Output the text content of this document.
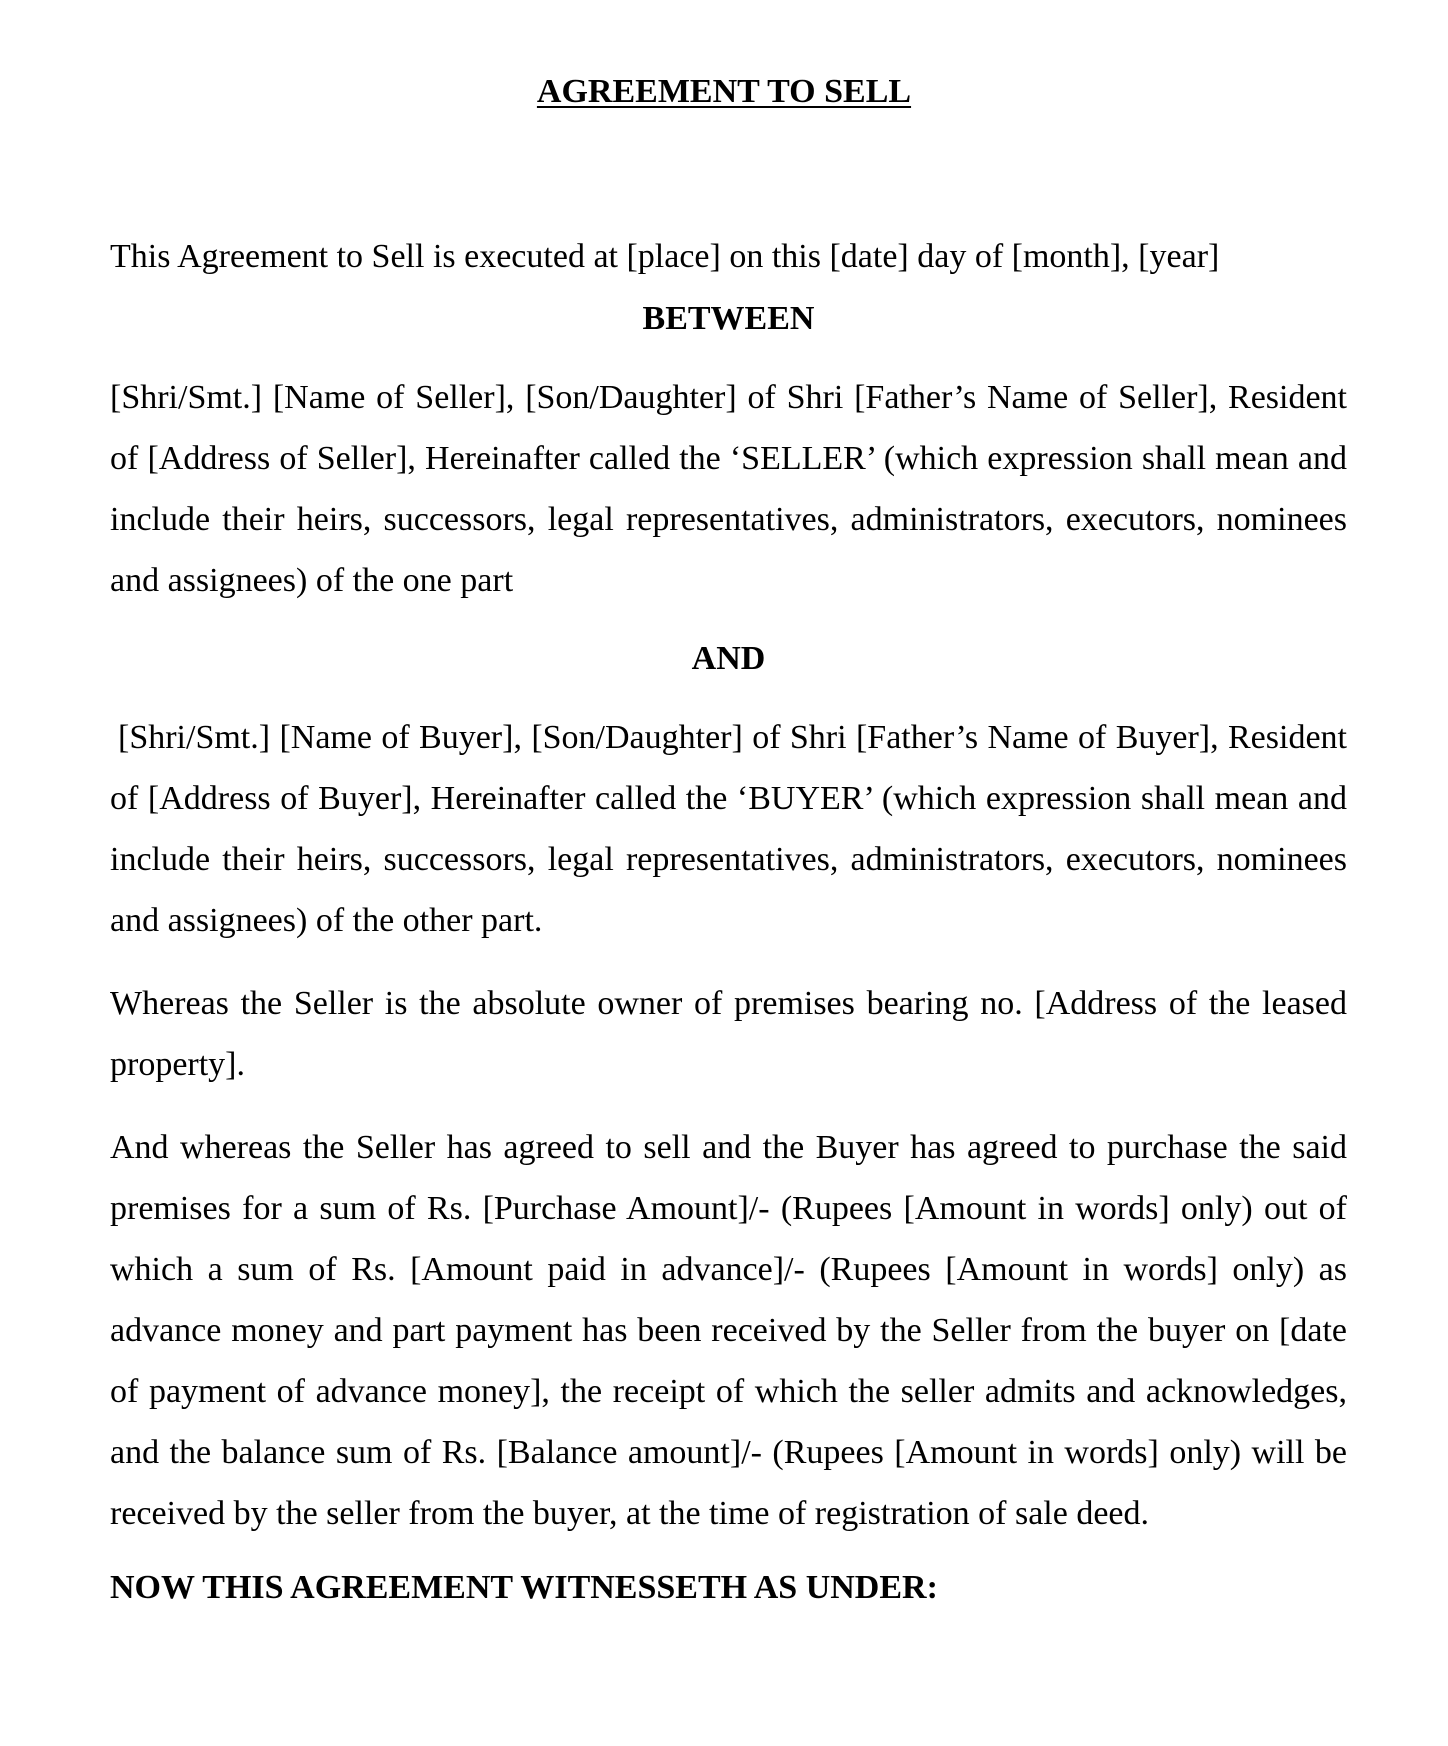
AGREEMENT TO SELL

This Agreement to Sell is executed at [place] on this [date] day of [month], [year]

BETWEEN

[Shri/Smt.] [Name of Seller], [Son/Daughter] of Shri [Father’s Name of Seller], Resident of [Address of Seller], Hereinafter called the ‘SELLER’ (which expression shall mean and include their heirs, successors, legal representatives, administrators, executors, nominees and assignees) of the one part

AND

[Shri/Smt.] [Name of Buyer], [Son/Daughter] of Shri [Father’s Name of Buyer], Resident of [Address of Buyer], Hereinafter called the ‘BUYER’ (which expression shall mean and include their heirs, successors, legal representatives, administrators, executors, nominees and assignees) of the other part.

Whereas the Seller is the absolute owner of premises bearing no. [Address of the leased property].

And whereas the Seller has agreed to sell and the Buyer has agreed to purchase the said premises for a sum of Rs. [Purchase Amount]/- (Rupees [Amount in words] only) out of which a sum of Rs. [Amount paid in advance]/- (Rupees [Amount in words] only) as advance money and part payment has been received by the Seller from the buyer on [date of payment of advance money], the receipt of which the seller admits and acknowledges, and the balance sum of Rs. [Balance amount]/- (Rupees [Amount in words] only) will be received by the seller from the buyer, at the time of registration of sale deed.

NOW THIS AGREEMENT WITNESSETH AS UNDER:
